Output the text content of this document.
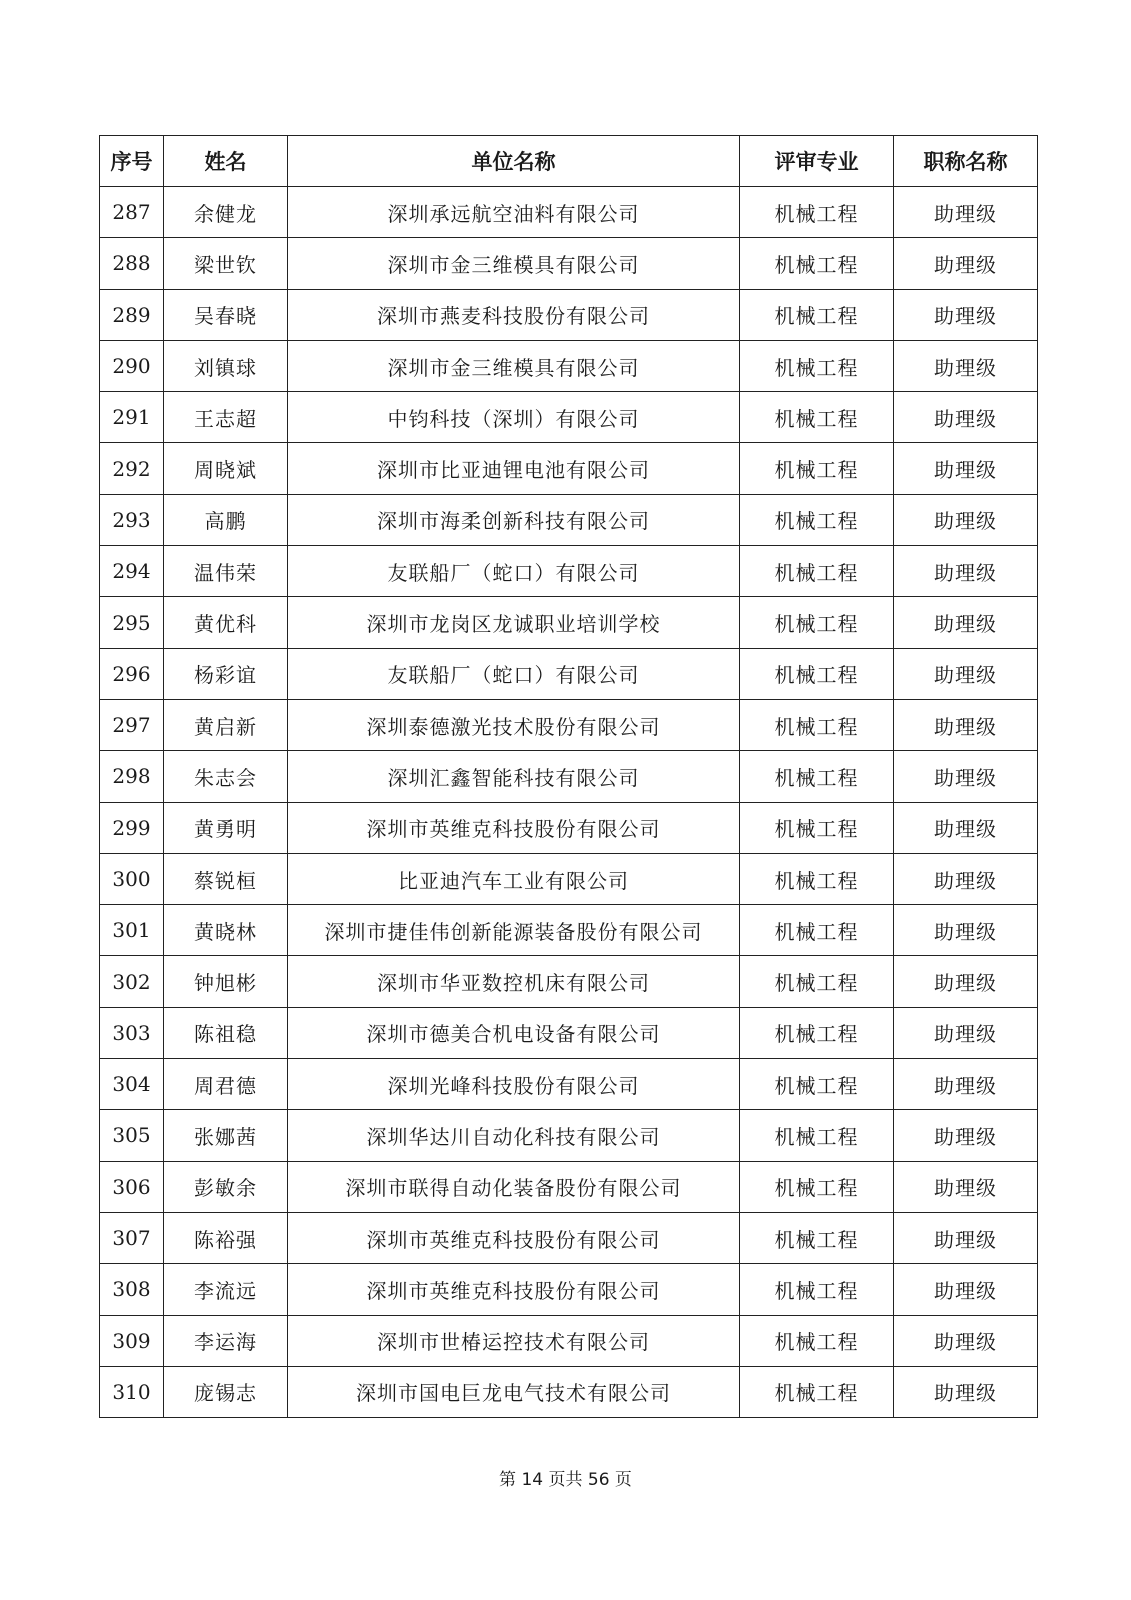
序号	姓名	单位名称	评审专业	职称名称
287	余健龙	深圳承远航空油料有限公司	机械工程	助理级
288	梁世钦	深圳市金三维模具有限公司	机械工程	助理级
289	吴春晓	深圳市燕麦科技股份有限公司	机械工程	助理级
290	刘镇球	深圳市金三维模具有限公司	机械工程	助理级
291	王志超	中钧科技（深圳）有限公司	机械工程	助理级
292	周晓斌	深圳市比亚迪锂电池有限公司	机械工程	助理级
293	高鹏	深圳市海柔创新科技有限公司	机械工程	助理级
294	温伟荣	友联船厂（蛇口）有限公司	机械工程	助理级
295	黄优科	深圳市龙岗区龙诚职业培训学校	机械工程	助理级
296	杨彩谊	友联船厂（蛇口）有限公司	机械工程	助理级
297	黄启新	深圳泰德激光技术股份有限公司	机械工程	助理级
298	朱志会	深圳汇鑫智能科技有限公司	机械工程	助理级
299	黄勇明	深圳市英维克科技股份有限公司	机械工程	助理级
300	蔡锐桓	比亚迪汽车工业有限公司	机械工程	助理级
301	黄晓林	深圳市捷佳伟创新能源装备股份有限公司	机械工程	助理级
302	钟旭彬	深圳市华亚数控机床有限公司	机械工程	助理级
303	陈祖稳	深圳市德美合机电设备有限公司	机械工程	助理级
304	周君德	深圳光峰科技股份有限公司	机械工程	助理级
305	张娜茜	深圳华达川自动化科技有限公司	机械工程	助理级
306	彭敏余	深圳市联得自动化装备股份有限公司	机械工程	助理级
307	陈裕强	深圳市英维克科技股份有限公司	机械工程	助理级
308	李流远	深圳市英维克科技股份有限公司	机械工程	助理级
309	李运海	深圳市世椿运控技术有限公司	机械工程	助理级
310	庞锡志	深圳市国电巨龙电气技术有限公司	机械工程	助理级
第 14 页共 56 页
